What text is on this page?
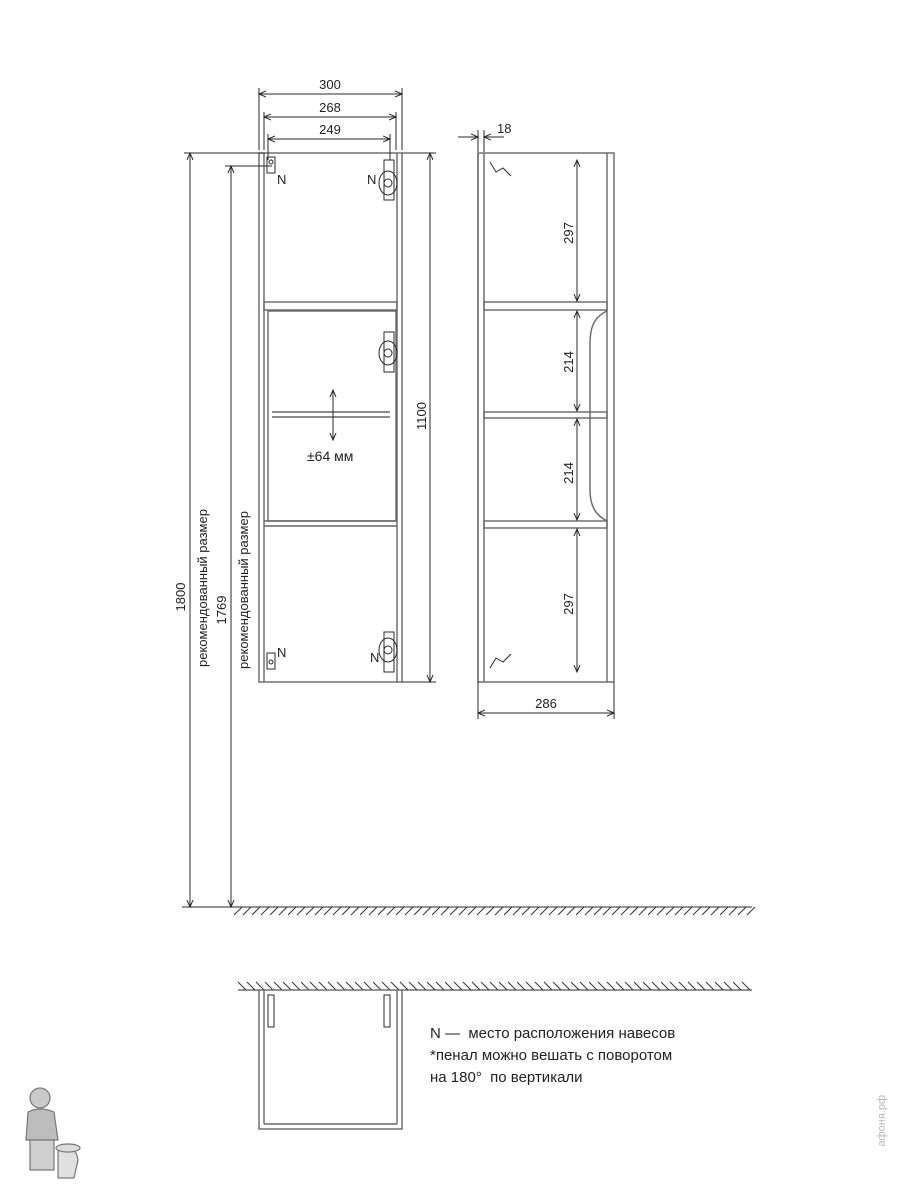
N	N
N	N
±64 мм
300
268
249
1100
1800 рекомендованный размер 1769 рекомендованный размер
18
297
214
214
297
286
N —  место расположения навесов
*пенал можно вешать с поворотом
на 180°  по вертикали
афоня.рф
